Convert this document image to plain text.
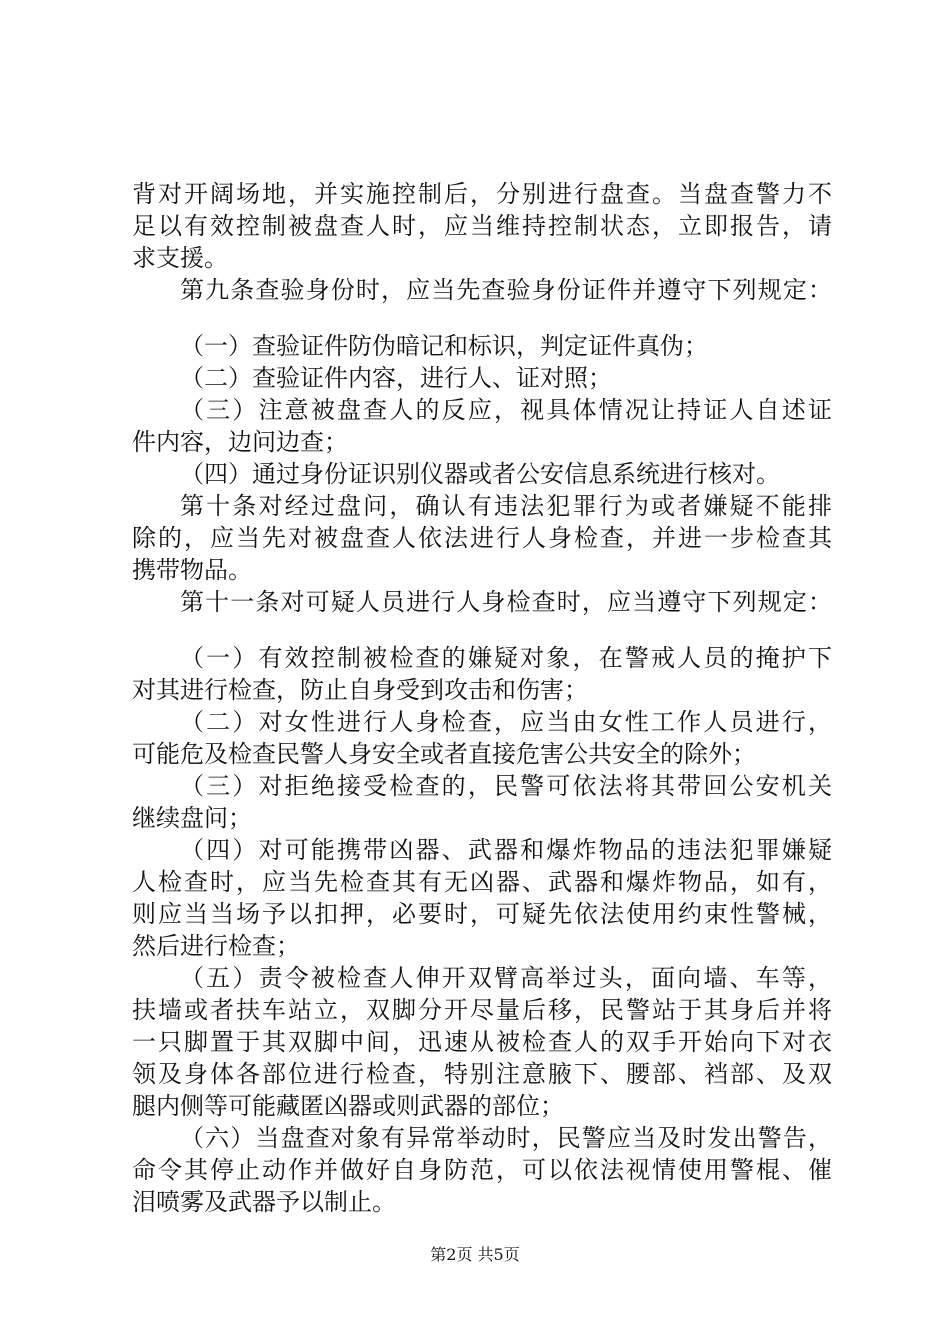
背对开阔场地，并实施控制后，分别进行盘查。当盘查警力不
足以有效控制被盘查人时，应当维持控制状态，立即报告，请
求支援。
第九条查验身份时，应当先查验身份证件并遵守下列规定：
（一）查验证件防伪暗记和标识，判定证件真伪；
（二）查验证件内容，进行人、证对照；
（三）注意被盘查人的反应，视具体情况让持证人自述证
件内容，边问边查；
（四）通过身份证识别仪器或者公安信息系统进行核对。
第十条对经过盘问，确认有违法犯罪行为或者嫌疑不能排
除的，应当先对被盘查人依法进行人身检查，并进一步检查其
携带物品。
第十一条对可疑人员进行人身检查时，应当遵守下列规定：
（一）有效控制被检查的嫌疑对象，在警戒人员的掩护下
对其进行检查，防止自身受到攻击和伤害；
（二）对女性进行人身检查，应当由女性工作人员进行，
可能危及检查民警人身安全或者直接危害公共安全的除外；
（三）对拒绝接受检查的，民警可依法将其带回公安机关
继续盘问；
（四）对可能携带凶器、武器和爆炸物品的违法犯罪嫌疑
人检查时，应当先检查其有无凶器、武器和爆炸物品，如有，
则应当当场予以扣押，必要时，可疑先依法使用约束性警械，
然后进行检查；
（五）责令被检查人伸开双臂高举过头，面向墙、车等，
扶墙或者扶车站立，双脚分开尽量后移，民警站于其身后并将
一只脚置于其双脚中间，迅速从被检查人的双手开始向下对衣
领及身体各部位进行检查，特别注意腋下、腰部、裆部、及双
腿内侧等可能藏匿凶器或则武器的部位；
（六）当盘查对象有异常举动时，民警应当及时发出警告，
命令其停止动作并做好自身防范，可以依法视情使用警棍、催
泪喷雾及武器予以制止。
第2页 共5页
